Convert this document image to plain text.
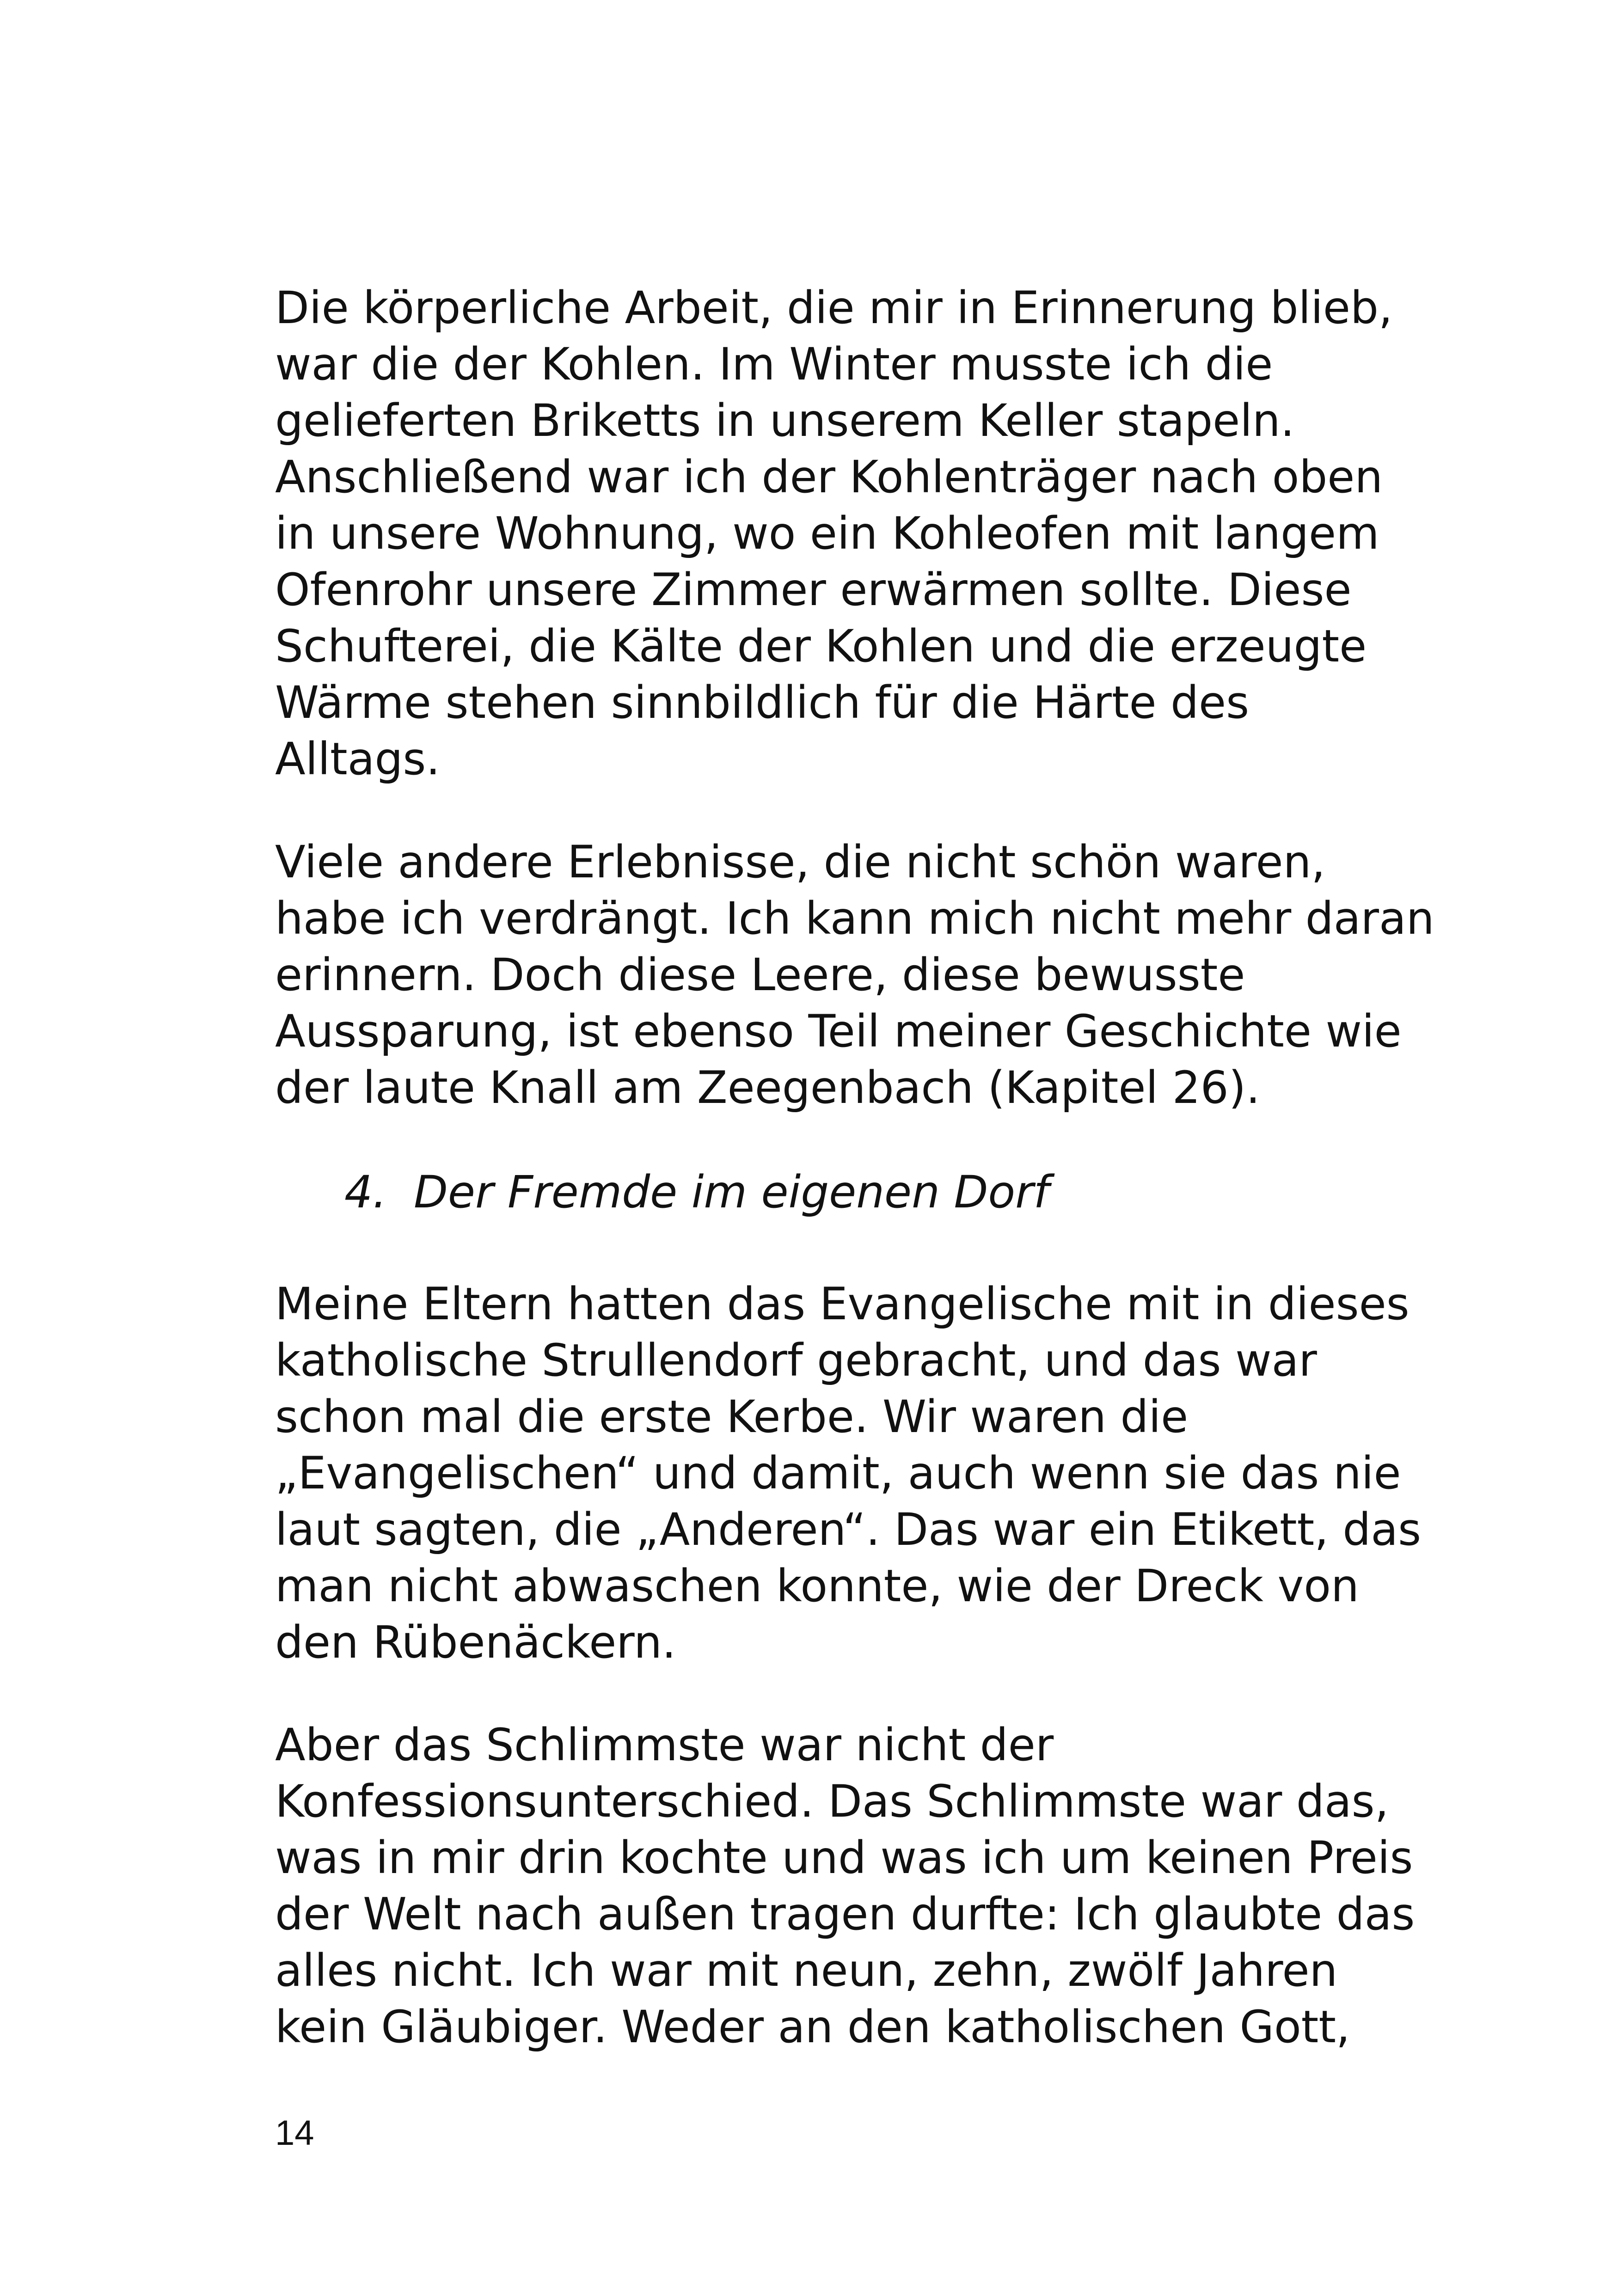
Die körperliche Arbeit, die mir in Erinnerung blieb,
war die der Kohlen. Im Winter musste ich die
gelieferten Briketts in unserem Keller stapeln.
Anschließend war ich der Kohlenträger nach oben
in unsere Wohnung, wo ein Kohleofen mit langem
Ofenrohr unsere Zimmer erwärmen sollte. Diese
Schufterei, die Kälte der Kohlen und die erzeugte
Wärme stehen sinnbildlich für die Härte des
Alltags.

Viele andere Erlebnisse, die nicht schön waren,
habe ich verdrängt. Ich kann mich nicht mehr daran
erinnern. Doch diese Leere, diese bewusste
Aussparung, ist ebenso Teil meiner Geschichte wie
der laute Knall am Zeegenbach (Kapitel 26).

4. Der Fremde im eigenen Dorf

Meine Eltern hatten das Evangelische mit in dieses
katholische Strullendorf gebracht, und das war
schon mal die erste Kerbe. Wir waren die
„Evangelischen“ und damit, auch wenn sie das nie
laut sagten, die „Anderen“. Das war ein Etikett, das
man nicht abwaschen konnte, wie der Dreck von
den Rübenäckern.

Aber das Schlimmste war nicht der
Konfessionsunterschied. Das Schlimmste war das,
was in mir drin kochte und was ich um keinen Preis
der Welt nach außen tragen durfte: Ich glaubte das
alles nicht. Ich war mit neun, zehn, zwölf Jahren
kein Gläubiger. Weder an den katholischen Gott,

14
